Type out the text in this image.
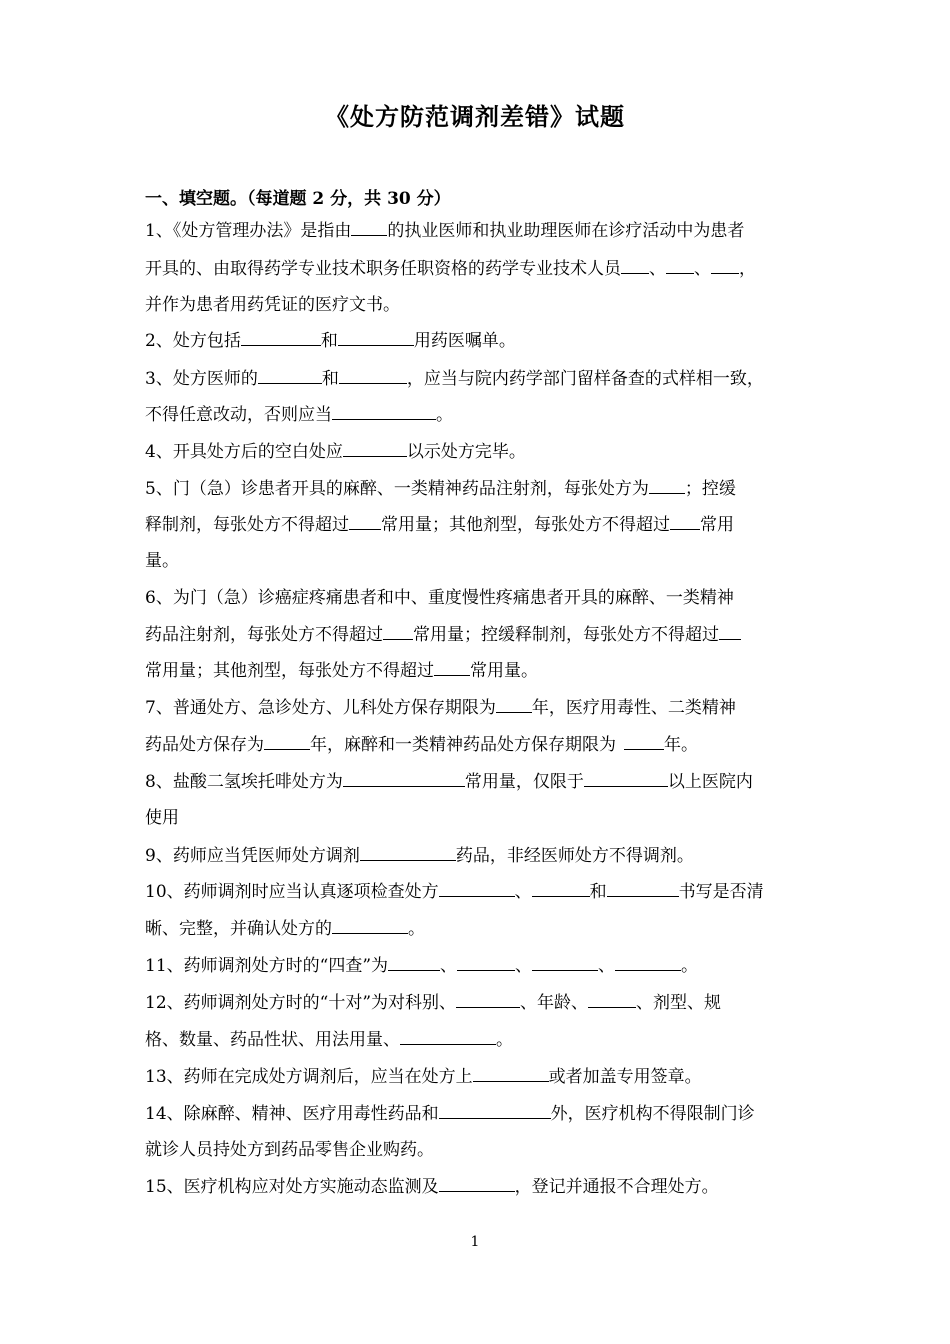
《处方防范调剂差错》试题
一、填空题。（每道题 2 分，共 30 分）
1、《处方管理办法》是指由 的执业医师和执业助理医师在诊疗活动中为患者
开具的、由取得药学专业技术职务任职资格的药学专业技术人员 、 、 ，
并作为患者用药凭证的医疗文书。
2、处方包括	和	用药医嘱单。
3、处方医师的	和	，应当与院内药学部门留样备查的式样相一致，
不得任意改动，否则应当	。
4、开具处方后的空白处应	以示处方完毕。
5、门（急）诊患者开具的麻醉、一类精神药品注射剂，每张处方为 ；控缓
释制剂，每张处方不得超过 常用量；其他剂型，每张处方不得超过 常用
量。
6、为门（急）诊癌症疼痛患者和中、重度慢性疼痛患者开具的麻醉、一类精神
药品注射剂，每张处方不得超过 常用量；控缓释制剂，每张处方不得超过
常用量；其他剂型，每张处方不得超过 常用量。
7、普通处方、急诊处方、儿科处方保存期限为 年，医疗用毒性、二类精神
药品处方保存为	年，麻醉和一类精神药品处方保存期限为	年。
8、盐酸二氢埃托啡处方为	常用量，仅限于	以上医院内
使用
9、药师应当凭医师处方调剂	药品，非经医师处方不得调剂。
10、药师调剂时应当认真逐项检查处方	、	和	书写是否清
晰、完整，并确认处方的	。
11、药师调剂处方时的“四查”为	、	、	、	。
12、药师调剂处方时的“十对”为对科别、	、年龄、	、剂型、规
格、数量、药品性状、用法用量、	。
13、药师在完成处方调剂后，应当在处方上	或者加盖专用签章。
14、除麻醉、精神、医疗用毒性药品和	外，医疗机构不得限制门诊
就诊人员持处方到药品零售企业购药。
15、医疗机构应对处方实施动态监测及	，登记并通报不合理处方。
1
